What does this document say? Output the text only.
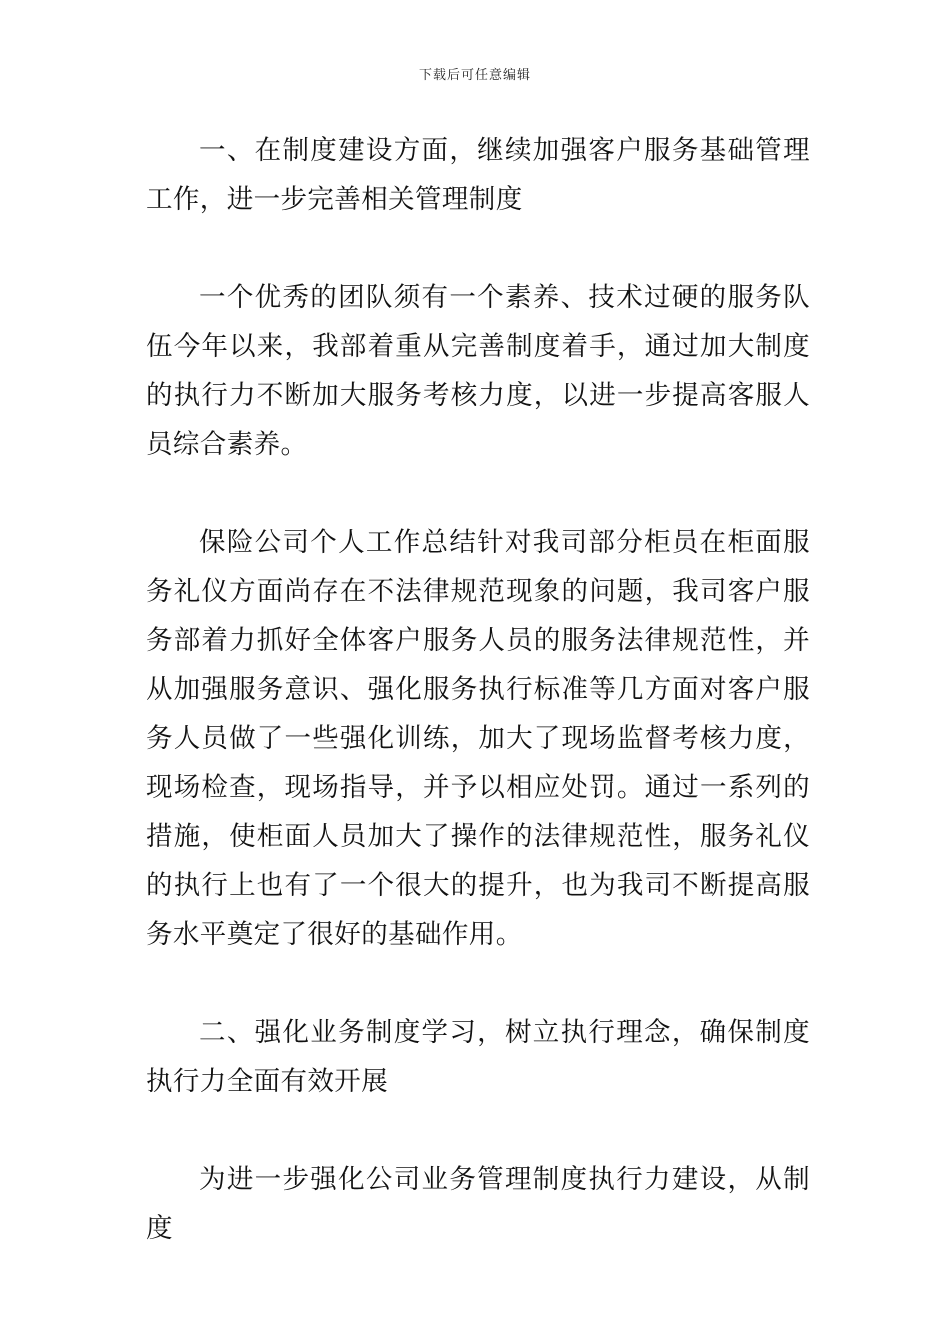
下载后可任意编辑

一、在制度建设方面，继续加强客户服务基础管理工作，进一步完善相关管理制度

一个优秀的团队须有一个素养、技术过硬的服务队伍今年以来，我部着重从完善制度着手，通过加大制度的执行力不断加大服务考核力度，以进一步提高客服人员综合素养。

保险公司个人工作总结针对我司部分柜员在柜面服务礼仪方面尚存在不法律规范现象的问题，我司客户服务部着力抓好全体客户服务人员的服务法律规范性，并从加强服务意识、强化服务执行标准等几方面对客户服务人员做了一些强化训练，加大了现场监督考核力度，现场检查，现场指导，并予以相应处罚。通过一系列的措施，使柜面人员加大了操作的法律规范性，服务礼仪的执行上也有了一个很大的提升，也为我司不断提高服务水平奠定了很好的基础作用。

二、强化业务制度学习，树立执行理念，确保制度执行力全面有效开展

为进一步强化公司业务管理制度执行力建设，从制度
